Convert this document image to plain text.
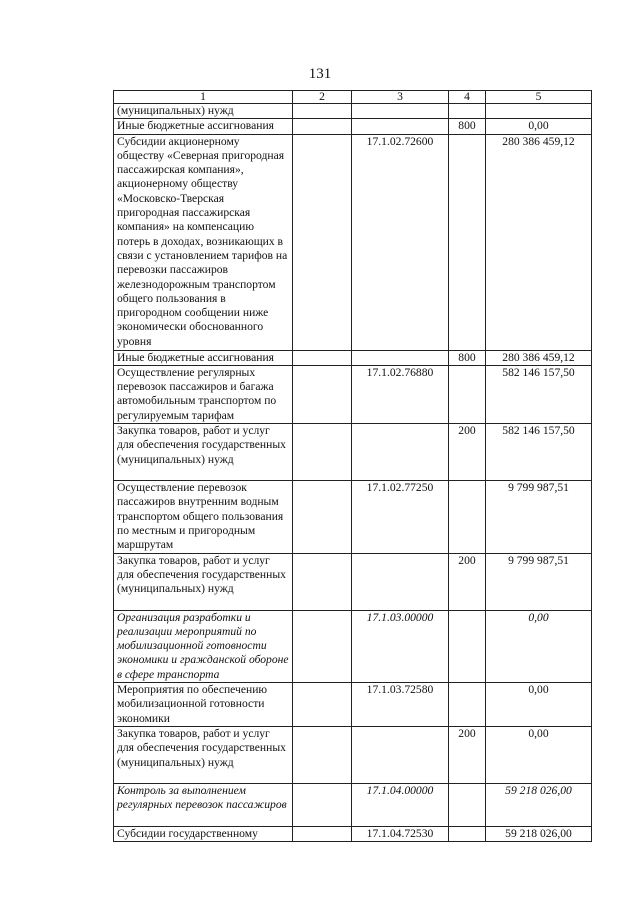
131
1	2	3	4	5
(муниципальных) нужд				
Иные бюджетные ассигнования			800	0,00
Субсидии акционерному обществу «Северная пригородная пассажирская компания», акционерному обществу «Московско-Тверская пригородная пассажирская компания» на компенсацию потерь в доходах, возникающих в связи с установлением тарифов на перевозки пассажиров железнодорожным транспортом общего пользования в пригородном сообщении ниже экономически обоснованного уровня		17.1.02.72600		280 386 459,12
Иные бюджетные ассигнования			800	280 386 459,12
Осуществление регулярных перевозок пассажиров и багажа автомобильным транспортом по регулируемым тарифам		17.1.02.76880		582 146 157,50
Закупка товаров, работ и услуг для обеспечения государственных (муниципальных) нужд			200	582 146 157,50
Осуществление перевозок пассажиров внутренним водным транспортом общего пользования по местным и пригородным маршрутам		17.1.02.77250		9 799 987,51
Закупка товаров, работ и услуг для обеспечения государственных (муниципальных) нужд			200	9 799 987,51
Организация разработки и реализации мероприятий по мобилизационной готовности экономики и гражданской обороне в сфере транспорта		17.1.03.00000		0,00
Мероприятия по обеспечению мобилизационной готовности экономики		17.1.03.72580		0,00
Закупка товаров, работ и услуг для обеспечения государственных (муниципальных) нужд			200	0,00
Контроль за выполнением регулярных перевозок пассажиров		17.1.04.00000		59 218 026,00
Субсидии государственному		17.1.04.72530		59 218 026,00
